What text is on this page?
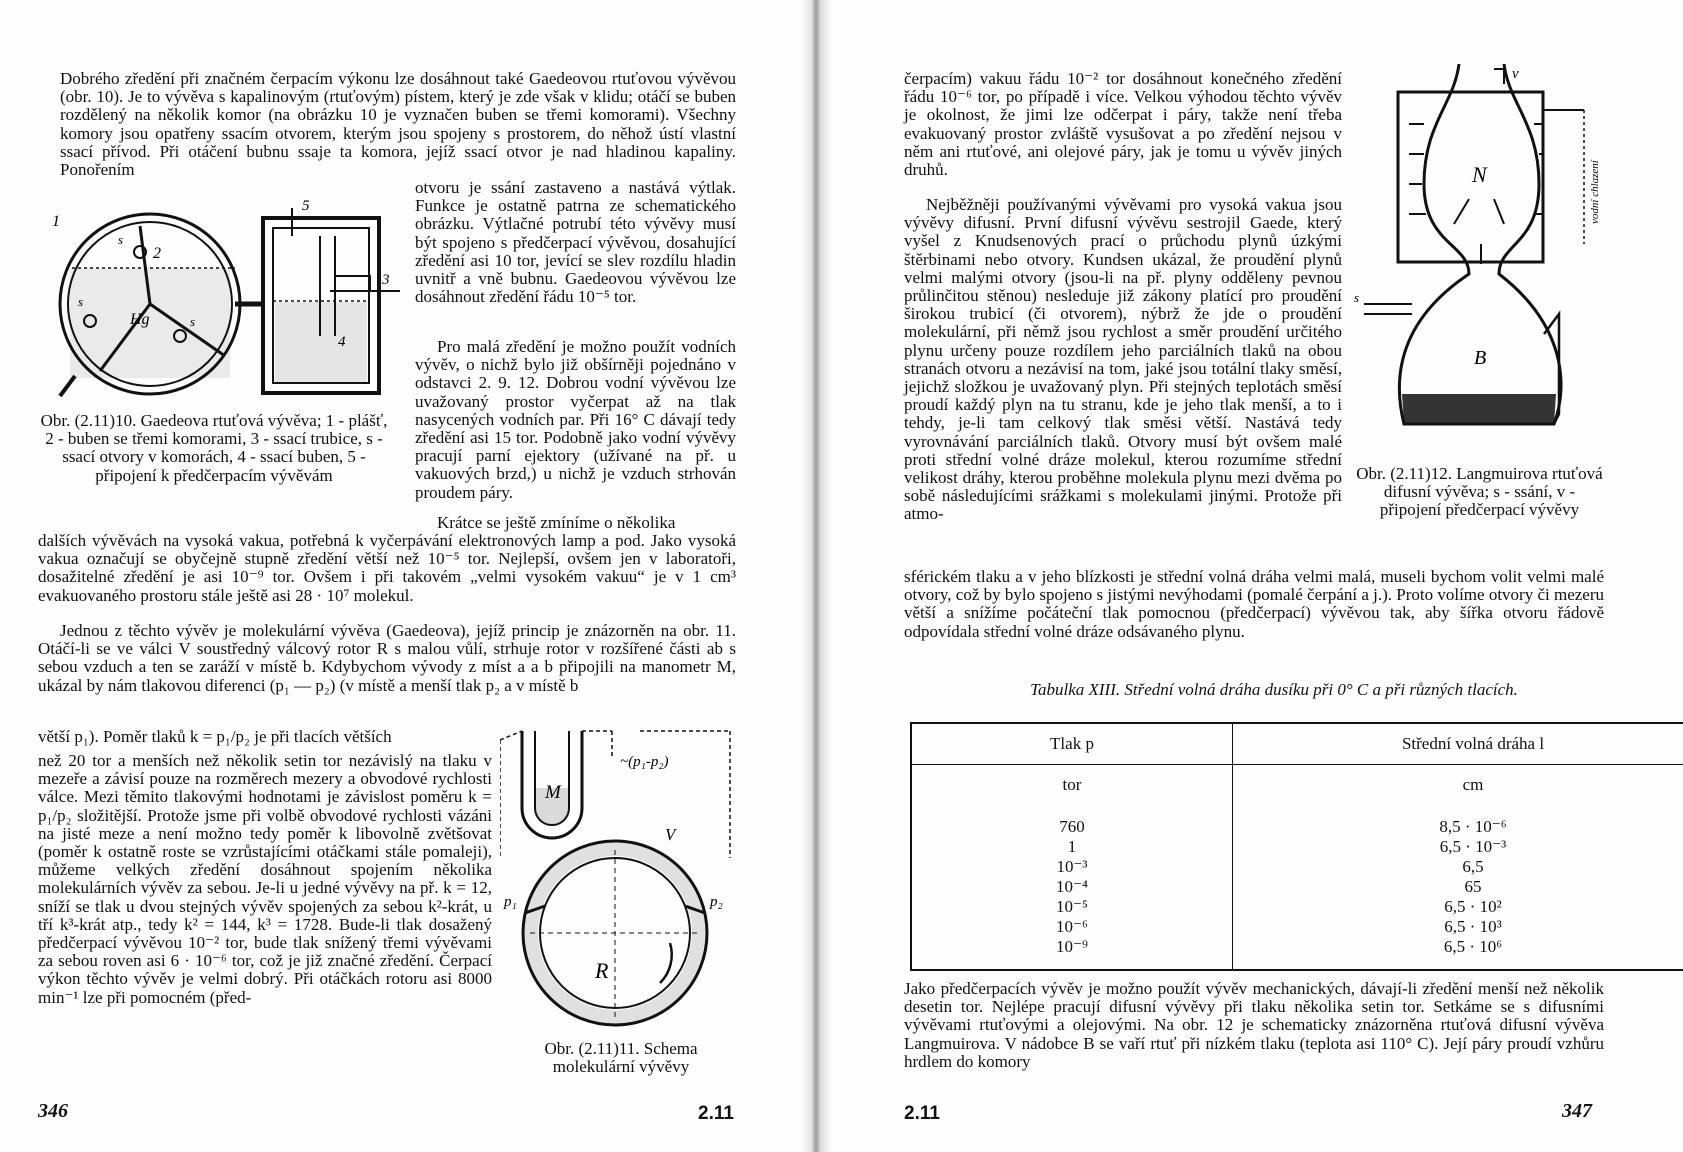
Dobrého zředění při značném čerpacím výkonu lze dosáhnout také Gaedeovou rtuťovou vývěvou (obr. 10). Je to vývěva s kapalinovým (rtuťovým) pístem, který je zde však v klidu; otáčí se buben rozdělený na několik komor (na obrázku 10 je vyznačen buben se třemi komorami). Všechny komory jsou opatřeny ssacím otvorem, kterým jsou spojeny s prostorem, do něhož ústí vlastní ssací přívod. Při otáčení bubnu ssaje ta komora, jejíž ssací otvor je nad hladinou kapaliny. Ponořením

otvoru je ssání zastaveno a nastává výtlak. Funkce je ostatně patrna ze schematického obrázku. Výtlačné potrubí této vývěvy musí být spojeno s předčerpací vývěvou, dosahující zředění asi 10 tor, jevící se slev rozdílu hladin uvnitř a vně bubnu. Gaedeovou vývěvou lze dosáhnout zředění řádu 10⁻⁵ tor.

Pro malá zředění je možno použít vodních vývěv, o nichž bylo již obšírněji pojednáno v odstavci 2. 9. 12. Dobrou vodní vývěvou lze uvažovaný prostor vyčerpat až na tlak nasycených vodních par. Při 16° C dávají tedy zředění asi 15 tor. Podobně jako vodní vývěvy pracují parní ejektory (užívané na př. u vakuových brzd,) u nichž je vzduch strhován proudem páry.

Krátce se ještě zmíníme o několika

dalších vývěvách na vysoká vakua, potřebná k vyčerpávání elektronových lamp a pod. Jako vysoká vakua označují se obyčejně stupně zředění větší než 10⁻⁵ tor. Nejlepší, ovšem jen v laboratoři, dosažitelné zředění je asi 10⁻⁹ tor. Ovšem i při takovém „velmi vysokém vakuu“ je v 1 cm³ evakuovaného prostoru stále ještě asi 28 · 10⁷ molekul.

Jednou z těchto vývěv je molekulární vývěva (Gaedeova), jejíž princip je znázorněn na obr. 11. Otáčí-li se ve válci V soustředný válcový rotor R s malou vůlí, strhuje rotor v rozšířené části ab s sebou vzduch a ten se zaráží v místě b. Kdybychom vývody z míst a a b připojili na manometr M, ukázal by nám tlakovou diferenci (p₁ — p₂) (v místě a menší tlak p₂ a v místě b

větší p₁). Poměr tlaků k = p₁/p₂ je při tlacích větších

než 20 tor a menších než několik setin tor nezávislý na tlaku v mezeře a závisí pouze na rozměrech mezery a obvodové rychlosti válce. Mezi těmito tlakovými hodnotami je závislost poměru k = p₁/p₂ složitější. Protože jsme při volbě obvodové rychlosti vázáni na jisté meze a není možno tedy poměr k libovolně zvětšovat (poměr k ostatně roste se vzrůstajícími otáčkami stále pomaleji), můžeme velkých zředění dosáhnout spojením několika molekulárních vývěv za sebou. Je-li u jedné vývěvy na př. k = 12, sníží se tlak u dvou stejných vývěv spojených za sebou k²-krát, u tří k³-krát atp., tedy k² = 144, k³ = 1728. Bude-li tlak dosažený předčerpací vývěvou 10⁻² tor, bude tlak snížený třemi vývěvami za sebou roven asi 6 · 10⁻⁶ tor, což je již značné zředění. Čerpací výkon těchto vývěv je velmi dobrý. Při otáčkách rotoru asi 8000 min⁻¹ lze při pomocném (před-

1
2
Hg
s
s
s
5
3
4

Obr. (2.11)10. Gaedeova rtuťová vývěva; 1 - plášť, 2 - buben se třemi komorami, 3 - ssací trubice, s - ssací otvory v komorách, 4 - ssací buben, 5 - připojení k předčerpacím vývěvám

M
~(p₁-p₂)
V
p₁	p₂
R

Obr. (2.11)11. Schema molekulární vývěvy

346	2.11

čerpacím) vakuu řádu 10⁻² tor dosáhnout konečného zředění řádu 10⁻⁶ tor, po případě i více. Velkou výhodou těchto vývěv je okolnost, že jimi lze odčerpat i páry, takže není třeba evakuovaný prostor zvláště vysušovat a po zředění nejsou v něm ani rtuťové, ani olejové páry, jak je tomu u vývěv jiných druhů.

Nejběžněji používanými vývěvami pro vysoká vakua jsou vývěvy difusní. První difusní vývěvu sestrojil Gaede, který vyšel z Knudsenových prací o průchodu plynů úzkými štěrbinami nebo otvory. Kundsen ukázal, že proudění plynů velmi malými otvory (jsou-li na př. plyny odděleny pevnou průlinčitou stěnou) nesleduje již zákony platící pro proudění širokou trubicí (či otvorem), nýbrž že jde o proudění molekulární, při němž jsou rychlost a směr proudění určitého plynu určeny pouze rozdílem jeho parciálních tlaků na obou stranách otvoru a nezávisí na tom, jaké jsou totální tlaky směsí, jejichž složkou je uvažovaný plyn. Při stejných teplotách směsí proudí každý plyn na tu stranu, kde je jeho tlak menší, a to i tehdy, je-li tam celkový tlak směsi větší. Nastává tedy vyrovnávání parciálních tlaků. Otvory musí být ovšem malé proti střední volné dráze molekul, kterou rozumíme střední velikost dráhy, kterou proběhne molekula plynu mezi dvěma po sobě následujícími srážkami s molekulami jinými. Protože při atmo-

sférickém tlaku a v jeho blízkosti je střední volná dráha velmi malá, museli bychom volit velmi malé otvory, což by bylo spojeno s jistými nevýhodami (pomalé čerpání a j.). Proto volíme otvory či mezeru větší a snížíme počáteční tlak pomocnou (předčerpací) vývěvou tak, aby šířka otvoru řádově odpovídala střední volné dráze odsávaného plynu.

v
N
B
s
vodní chlazení

Obr. (2.11)12. Langmuirova rtuťová difusní vývěva; s - ssání, v - připojení předčerpací vývěvy

Tabulka XIII. Střední volná dráha dusíku při 0° C a při různých tlacích.

Tlak p	Střední volná dráha l
tor	cm

760	8,5 · 10⁻⁶
1	6,5 · 10⁻³
10⁻³	6,5
10⁻⁴	65
10⁻⁵	6,5 · 10²
10⁻⁶	6,5 · 10³
10⁻⁹	6,5 · 10⁶

Jako předčerpacích vývěv je možno použít vývěv mechanických, dávají-li zředění menší než několik desetin tor. Nejlépe pracují difusní vývěvy při tlaku několika setin tor. Setkáme se s difusními vývěvami rtuťovými a olejovými. Na obr. 12 je schematicky znázorněna rtuťová difusní vývěva Langmuirova. V nádobce B se vaří rtuť při nízkém tlaku (teplota asi 110° C). Její páry proudí vzhůru hrdlem do komory

2.11	347
